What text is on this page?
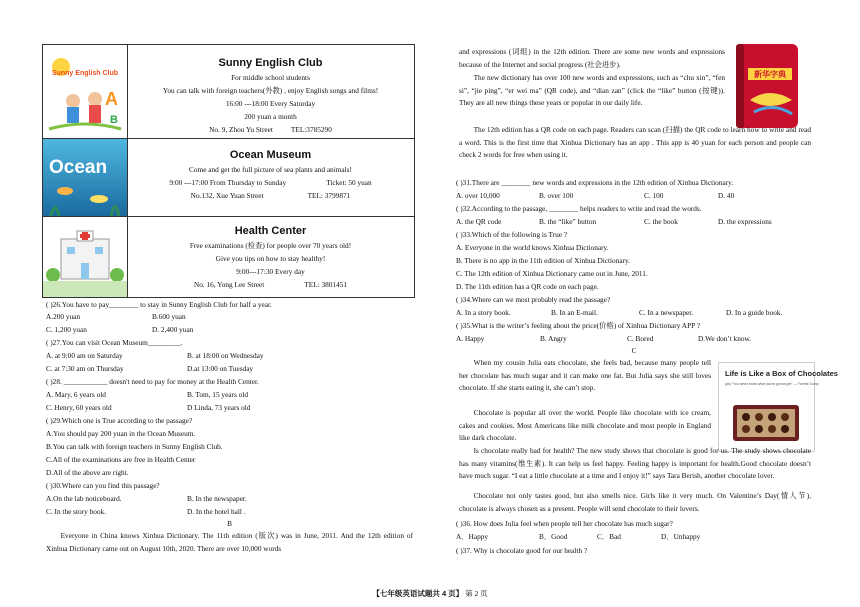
Sunny English Club
A
B
Sunny English Club
For middle school students
You can talk with foreign teachers(外教) , enjoy English songs and films!
16:00 ---18:00 Every Saturday
200 yuan a month
No. 9, Zhou Yu Street TEL:3785290
Ocean
Ocean Museum
Come and get the full picture of sea plants and animals!
9:00 ---17:00 From Thursday to Sunday	Ticket: 50 yuan
No.132, Xue Yuan Street	TEL: 3799871
Health Center
Free examinations (检查) for people over 70 years old!
Give you tips on how to stay healthy!
9:00---17:30 Every day
No. 16, Yong Lee Street	TEL: 3801451
( )26.You have to pay________ to stay in Sunny English Club for half a year.
A.200 yuan	B.600 yuan
C. 1,200 yuan	D. 2,400 yuan
( )27.You can visit Ocean Museum_________.
A. at 9:00 am on Saturday	B. at 18:00 on Wednesday
C. at 7:30 am on Thursday	D.at 13:00 on Tuesday
( )28. ____________ doesn't need to pay for money at the Health Center.
A. Mary, 6 years old	B. Tom, 15 years old
C. Henry, 60 years old	D Linda, 73 years old
( )29.Which one is True according to the passage?
A.You should pay 200 yuan in the Ocean Museum.
B.You can talk with foreign teachers in Sunny English Club.
C.All of the examinations are free in Health Center
D.All of the above are right.
( )30.Where can you find this passage?
A.On the lab noticeboard.	B. In the newspaper.
C. In the story book.	D. In the hotel hall .
B
Everyone in China knows Xinhua Dictionary. The 11th edition (版次) was in June, 2011. And the 12th edition of Xinhua Dictionary came out on August 10th, 2020. There are over 10,000 words
and expressions (词组) in the 12th edition. There are some new words and expressions because of the Internet and social progress (社会进步).
新华字典
The new dictionary has over 100 new words and expressions, such as “chu xin”, “fen si”, “jie ping”, “er wei ma” (QR code), and “dian zan” (click the “like” button (按键)). They are all new things these years or popular in our daily life.
The 12th edition has a QR code on each page. Readers can scan (扫描) the QR code to learn how to write and read a word. This is the first time that Xinhua Dictionary has an app . This app is 40 yuan for each person and people can check 2 words for free when using it.
( )31.There are ________ new words and expressions in the 12th edition of Xinhua Dictionary.
A. over 10,000	B. over 100	C. 100	D. 40
( )32.According to the passage, ________ helps readers to write and read the words.
A. the QR code	B. the “like” button	C. the book	D. the expressions
( )33.Which of the following is True ?
A. Everyone in the world knows Xinhua Dictionary.
B. There is no app in the 11th edition of Xinhua Dictionary.
C. The 12th edition of Xinhua Dictionary came out in June, 2011.
D. The 11th edition has a QR code on each page.
( )34.Where can we most probably read the passage?
A. In a story book.	B. In an E-mail.	C. In a newspaper.	D. In a guide book.
( )35.What is the writer’s feeling about the price(价格) of Xinhua Dictionary APP ?
A. Happy	B. Angry	C. Bored	D.We don’t know.
C
When my cousin Julia eats chocolate, she feels bad, because many people tell her chocolate has much sugar and it can make one fat. But Julia says she still loves chocolate. If she starts eating it, she can’t stop.
Life is Like a Box of Chocolates
(as) “You never know what you’re gonna get” — Forrest Gump
Chocolate is popular all over the world. People like chocolate with ice cream, cakes and cookies. Most Americans like milk chocolate and most people in England like dark chocolate.
Is chocolate really bad for health? The new study shows that chocolate is good for us. The study shows chocolate has many vitamins(维生素). It can help us feel happy. Feeling happy is important for health.Good chocolate doesn’t have much sugar. “I eat a little chocolate at a time and I enjoy it!” says Tara Berish, another chocolate lover.
Chocolate not only tastes good, but also smells nice. Girls like it very much. On Valentine’s Day(情人节), chocolate is always chosen as a present. People will send chocolate to their lovers.
( )36. How does Julia feel when people tell her chocolate has much sugar?
A．Happy	B．Good	C．Bad	D．Unhappy
( )37. Why is chocolate good for our health ?
【七年级英语试题共 4 页】 第 2 页
